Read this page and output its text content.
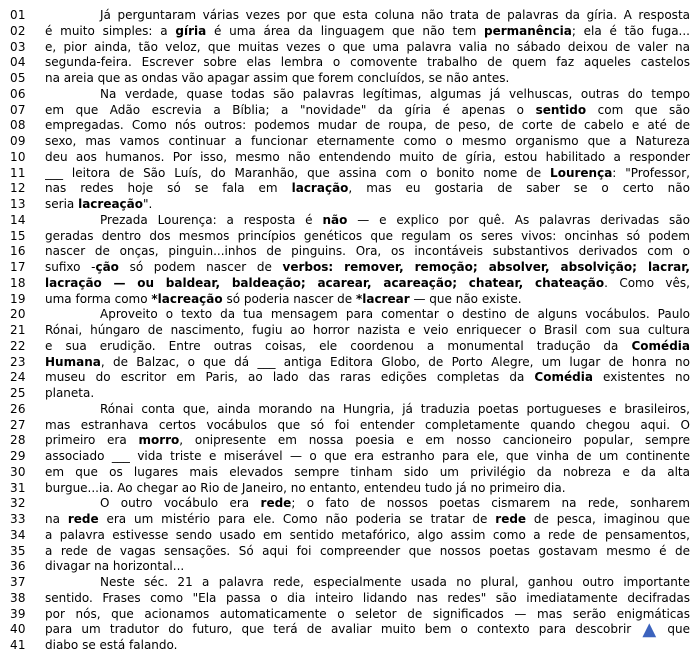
01	Já perguntaram várias vezes por que esta coluna não trata de palavras da gíria. A resposta
02	é muito simples: a gíria é uma área da linguagem que não tem permanência; ela é tão fuga...
03	e, pior ainda, tão veloz, que muitas vezes o que uma palavra valia no sábado deixou de valer na
04	segunda-feira. Escrever sobre elas lembra o comovente trabalho de quem faz aqueles castelos
05	na areia que as ondas vão apagar assim que forem concluídos, se não antes.
06	Na verdade, quase todas são palavras legítimas, algumas já velhuscas, outras do tempo
07	em que Adão escrevia a Bíblia; a "novidade" da gíria é apenas o sentido com que são
08	empregadas. Como nós outros: podemos mudar de roupa, de peso, de corte de cabelo e até de
09	sexo, mas vamos continuar a funcionar eternamente como o mesmo organismo que a Natureza
10	deu aos humanos. Por isso, mesmo não entendendo muito de gíria, estou habilitado a responder
11	___ leitora de São Luís, do Maranhão, que assina com o bonito nome de Lourença: "Professor,
12	nas redes hoje só se fala em lacração, mas eu gostaria de saber se o certo não
13	seria lacreação".
14	Prezada Lourença: a resposta é não — e explico por quê. As palavras derivadas são
15	geradas dentro dos mesmos princípios genéticos que regulam os seres vivos: oncinhas só podem
16	nascer de onças, pinguin...inhos de pinguins. Ora, os incontáveis substantivos derivados com o
17	sufixo -ção só podem nascer de verbos: remover, remoção; absolver, absolvição; lacrar,
18	lacração — ou baldear, baldeação; acarear, acareação; chatear, chateação. Como vês,
19	uma forma como *lacreação só poderia nascer de *lacrear — que não existe.
20	Aproveito o texto da tua mensagem para comentar o destino de alguns vocábulos. Paulo
21	Rónai, húngaro de nascimento, fugiu ao horror nazista e veio enriquecer o Brasil com sua cultura
22	e sua erudição. Entre outras coisas, ele coordenou a monumental tradução da Comédia
23	Humana, de Balzac, o que dá ___ antiga Editora Globo, de Porto Alegre, um lugar de honra no
24	museu do escritor em Paris, ao lado das raras edições completas da Comédia existentes no
25	planeta.
26	Rónai conta que, ainda morando na Hungria, já traduzia poetas portugueses e brasileiros,
27	mas estranhava certos vocábulos que só foi entender completamente quando chegou aqui. O
28	primeiro era morro, onipresente em nossa poesia e em nosso cancioneiro popular, sempre
29	associado ___ vida triste e miserável — o que era estranho para ele, que vinha de um continente
30	em que os lugares mais elevados sempre tinham sido um privilégio da nobreza e da alta
31	burgue...ia. Ao chegar ao Rio de Janeiro, no entanto, entendeu tudo já no primeiro dia.
32	O outro vocábulo era rede; o fato de nossos poetas cismarem na rede, sonharem
33	na rede era um mistério para ele. Como não poderia se tratar de rede de pesca, imaginou que
34	a palavra estivesse sendo usado em sentido metafórico, algo assim como a rede de pensamentos,
35	a rede de vagas sensações. Só aqui foi compreender que nossos poetas gostavam mesmo é de
36	divagar na horizontal...
37	Neste séc. 21 a palavra rede, especialmente usada no plural, ganhou outro importante
38	sentido. Frases como "Ela passa o dia inteiro lidando nas redes" são imediatamente decifradas
39	por nós, que acionamos automaticamente o seletor de significados — mas serão enigmáticas
40	para um tradutor do futuro, que terá de avaliar muito bem o contexto para descobrir ▲ que
41	diabo se está falando.
